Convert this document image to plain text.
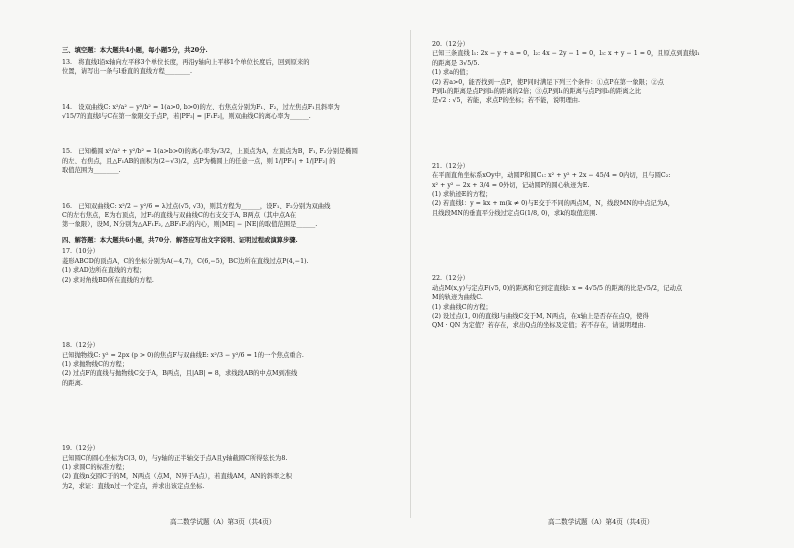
三、填空题：本大题共4小题，每小题5分，共20分.

13.　将直线l沿x轴向左平移3个单位长度，再沿y轴向上平移1个单位长度后，回到原来的

位置，请写出一条与l垂直的直线方程________.

14.　设双曲线C: x²/a² − y²/b² = 1(a>0, b>0)的左、右焦点分别为F₁、F₂，过左焦点F₁且斜率为

√15/7的直线l与C在第一象限交于点P，若|PF₂| = |F₁F₂|，则双曲线C的离心率为______.

15.　已知椭圆 x²/a² + y²/b² = 1(a>b>0)的离心率为√3/2，上顶点为A，左顶点为B，F₁, F₂分别是椭圆

的左、右焦点，且△F₁AB的面积为(2−√3)/2，点P为椭圆上的任意一点，则 1/|PF₁| + 1/|PF₂| 的

取值范围为________.

16.　已知双曲线C: x²/2 − y²/6 = λ过点(√5, √3)，则其方程为______，设F₁、F₂分别为双曲线

C的左右焦点，E为右顶点，过F₂的直线与双曲线C的右支交于A, B两点（其中点A在

第一象限），设M, N分别为△AF₁F₂, △BF₁F₂的内心，则|ME| − |NE|的取值范围是______.

四、解答题：本大题共6小题，共70分．解答应写出文字说明、证明过程或演算步骤.

17.（10分）

菱形ABCD的顶点A，C的坐标分别为A(−4,7)，C(6,−5)，BC边所在直线过点P(4,−1).

(1) 求AD边所在直线的方程；

(2) 求对角线BD所在直线的方程.

18.（12分）

已知抛物线C: y² = 2px (p > 0)的焦点F与双曲线E: x²/3 − y²/6 = 1的一个焦点重合.

(1) 求抛物线C的方程；

(2) 过点F的直线与抛物线C交于A，B两点，且|AB| = 8，求线段AB的中点M到准线

的距离.

19.（12分）

已知圆C的圆心坐标为C(3, 0)，与y轴的正半轴交于点A且y轴截圆C所得弦长为8.

(1) 求圆C的标准方程；

(2) 直线n交圆C于的M，N两点（点M，N异于A点），若直线AM，AN的斜率之积

为2，求证：直线n过一个定点，并求出该定点坐标.

20.（12分）

已知三条直线 l₁: 2x − y + a = 0，l₂: 4x − 2y − 1 = 0，l₃: x + y − 1 = 0，且原点到直线l₁

的距离是 3√5/5.

(1) 求a的值；

(2) 若a>0，能否找到一点P，使P同时满足下列三个条件：①点P在第一象限；②点

P到l₁的距离是点P到l₂的距离的2倍；③点P到l₁的距离与点P到l₃的距离之比

是√2 : √5，若能，求点P的坐标；若不能，说明理由.

21.（12分）

在平面直角坐标系xOy中，动圆P和圆C₁: x² + y² + 2x − 45/4 = 0内切，且与圆C₂:

x² + y² − 2x + 3/4 = 0外切，记动圆P的圆心轨迹为E.

(1) 求轨迹E的方程；

(2) 若直线l：y = kx + m(k ≠ 0)与E交于不同的两点M，N，线段MN的中点记为A，

且线段MN的垂直平分线过定点G(1/8, 0)，求k的取值范围.

22.（12分）

动点M(x,y)与定点F(√5, 0)的距离和它到定直线l: x = 4√5/5 的距离的比是√5/2，记动点

M的轨迹为曲线C.

(1) 求曲线C的方程；

(2) 设过点(1, 0)的直线l与曲线C交于M, N两点，在x轴上是否存在点Q，使得

QM · QN 为定值？若存在，求出Q点的坐标及定值；若不存在，请说明理由.

高二数学试题（A）第3页（共4页）	高二数学试题（A）第4页（共4页）
